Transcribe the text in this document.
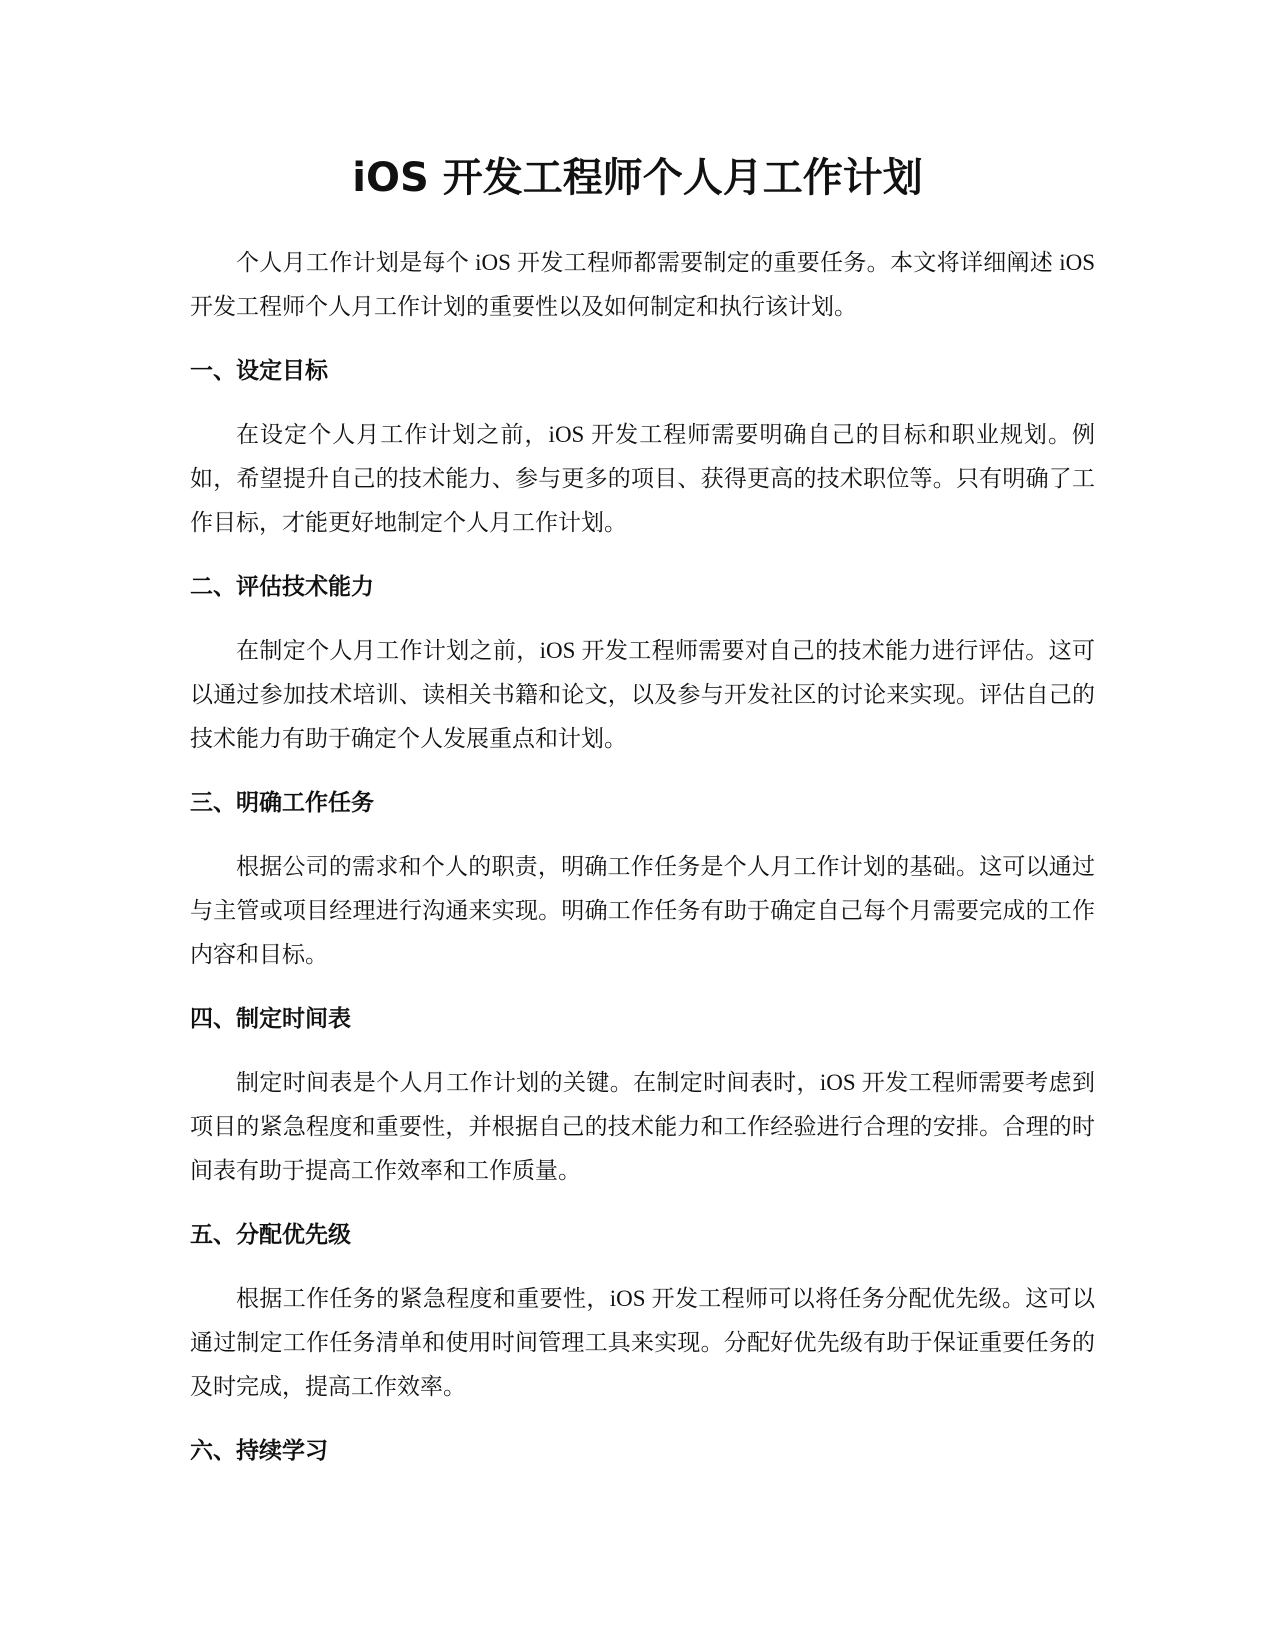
iOS 开发工程师个人月工作计划

个人月工作计划是每个 iOS 开发工程师都需要制定的重要任务。本文将详细阐述 iOS 开发工程师个人月工作计划的重要性以及如何制定和执行该计划。

一、设定目标

在设定个人月工作计划之前，iOS 开发工程师需要明确自己的目标和职业规划。例如，希望提升自己的技术能力、参与更多的项目、获得更高的技术职位等。只有明确了工作目标，才能更好地制定个人月工作计划。

二、评估技术能力

在制定个人月工作计划之前，iOS 开发工程师需要对自己的技术能力进行评估。这可以通过参加技术培训、读相关书籍和论文，以及参与开发社区的讨论来实现。评估自己的技术能力有助于确定个人发展重点和计划。

三、明确工作任务

根据公司的需求和个人的职责，明确工作任务是个人月工作计划的基础。这可以通过与主管或项目经理进行沟通来实现。明确工作任务有助于确定自己每个月需要完成的工作内容和目标。

四、制定时间表

制定时间表是个人月工作计划的关键。在制定时间表时，iOS 开发工程师需要考虑到项目的紧急程度和重要性，并根据自己的技术能力和工作经验进行合理的安排。合理的时间表有助于提高工作效率和工作质量。

五、分配优先级

根据工作任务的紧急程度和重要性，iOS 开发工程师可以将任务分配优先级。这可以通过制定工作任务清单和使用时间管理工具来实现。分配好优先级有助于保证重要任务的及时完成，提高工作效率。

六、持续学习
